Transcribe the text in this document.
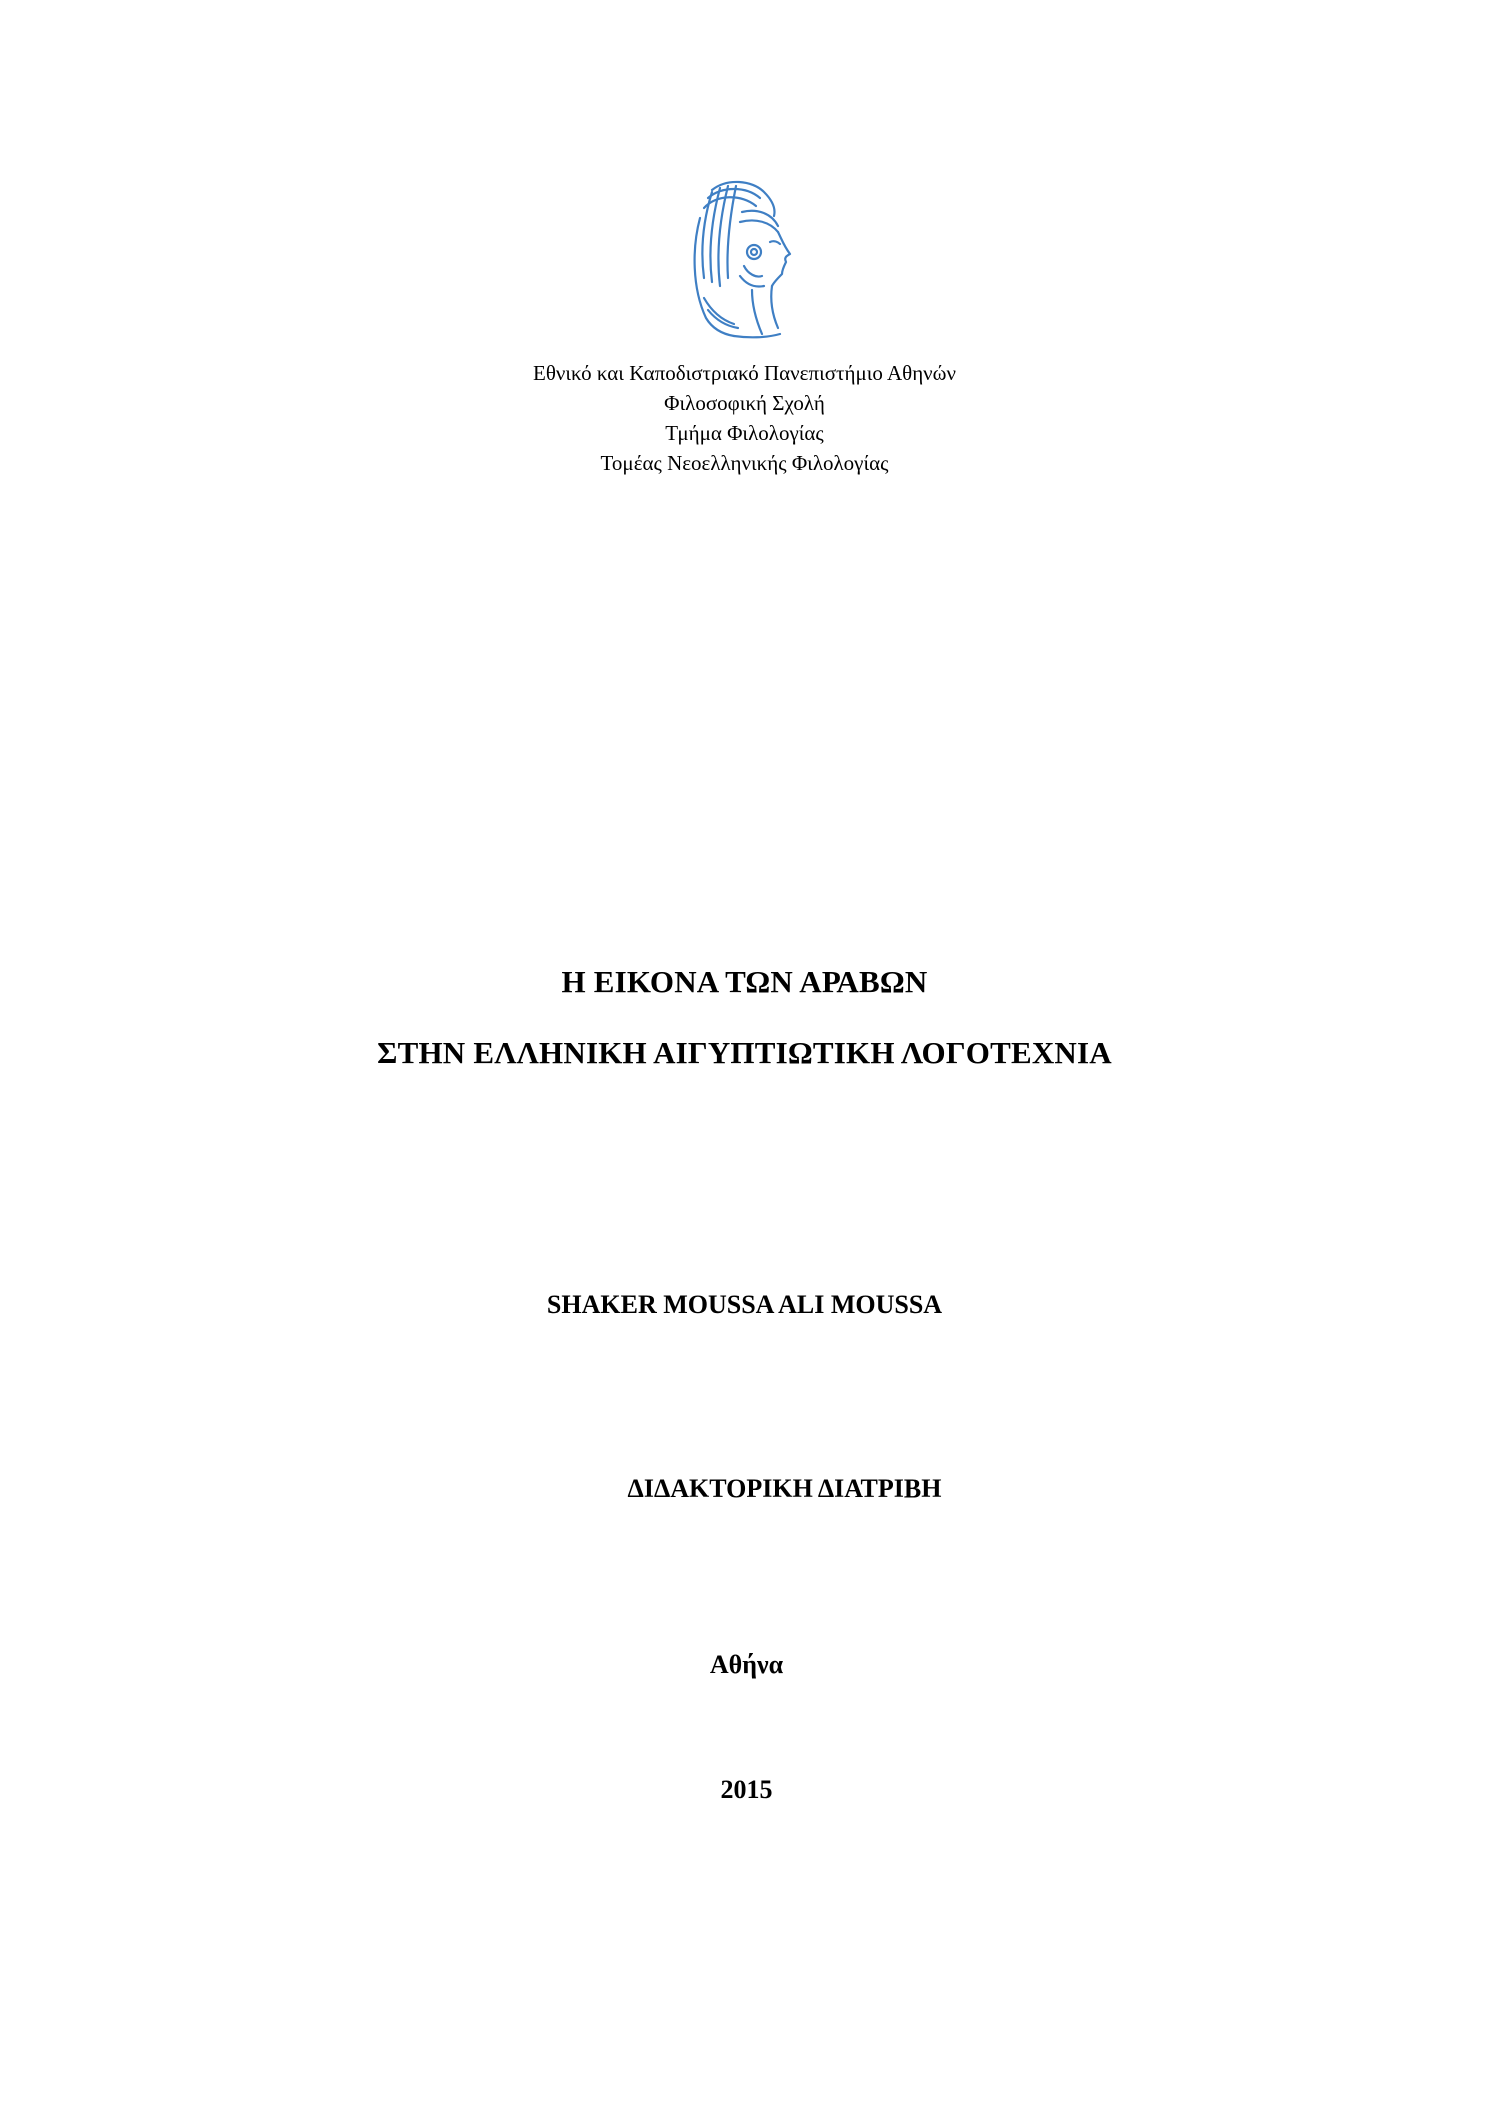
Εθνικό και Καποδιστριακό Πανεπιστήμιο Αθηνών
Φιλοσοφική Σχολή
Τμήμα Φιλολογίας
Τομέας Νεοελληνικής Φιλολογίας
Η ΕΙΚΟΝΑ ΤΩΝ ΑΡΑΒΩΝ
ΣΤΗΝ ΕΛΛΗΝΙΚΗ ΑΙΓΥΠΤΙΩΤΙΚΗ ΛΟΓΟΤΕΧΝΙΑ
SHAKER MOUSSA ALI MOUSSA
ΔΙΔΑΚΤΟΡΙΚΗ ΔΙΑΤΡΙΒΗ
Αθήνα
2015
